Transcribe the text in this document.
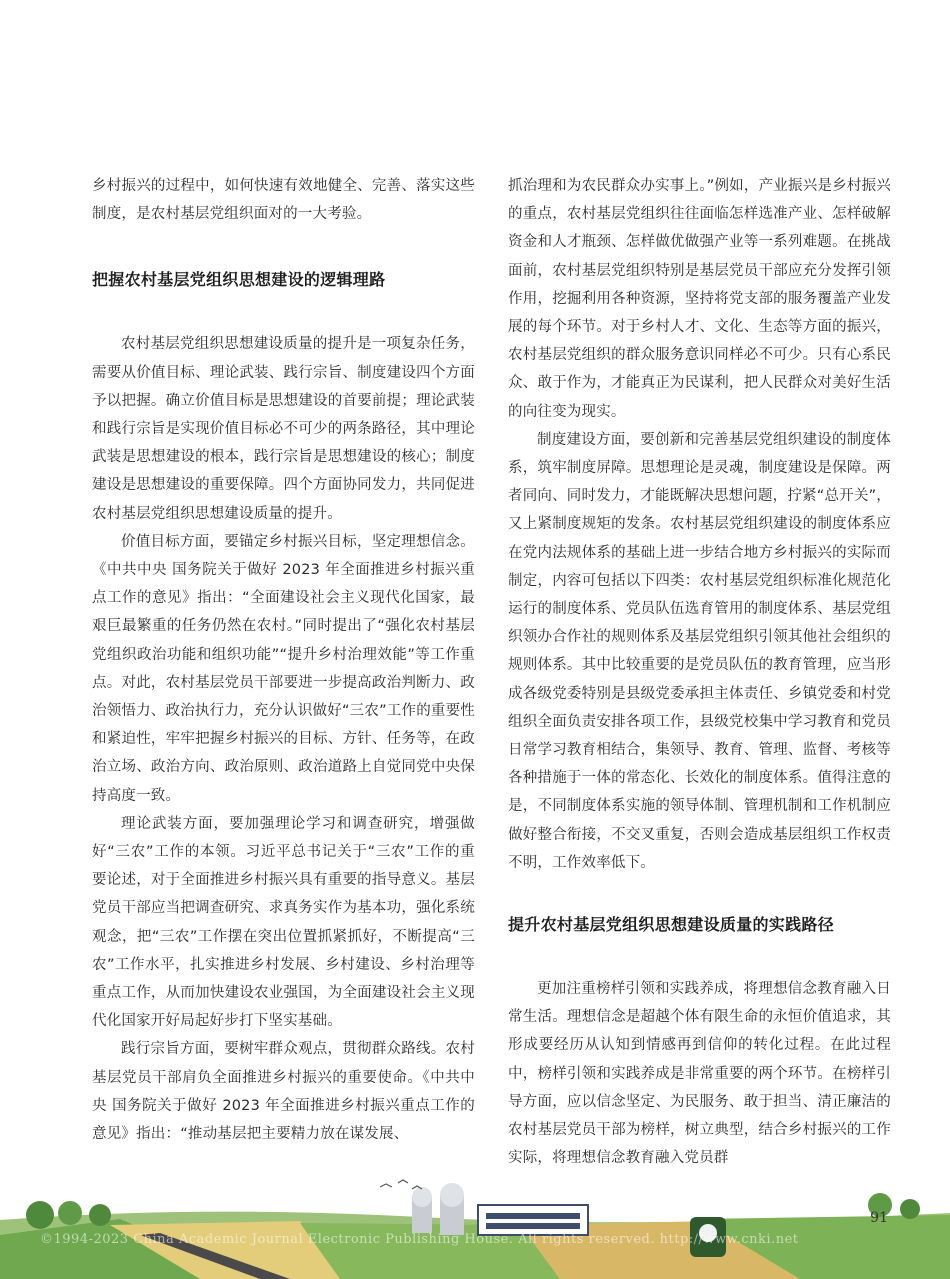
乡村振兴的过程中，如何快速有效地健全、完善、落实这些制度，是农村基层党组织面对的一大考验。

把握农村基层党组织思想建设的逻辑理路

农村基层党组织思想建设质量的提升是一项复杂任务，需要从价值目标、理论武装、践行宗旨、制度建设四个方面予以把握。确立价值目标是思想建设的首要前提；理论武装和践行宗旨是实现价值目标必不可少的两条路径，其中理论武装是思想建设的根本，践行宗旨是思想建设的核心；制度建设是思想建设的重要保障。四个方面协同发力，共同促进农村基层党组织思想建设质量的提升。

价值目标方面，要锚定乡村振兴目标，坚定理想信念。《中共中央 国务院关于做好 2023 年全面推进乡村振兴重点工作的意见》指出：“全面建设社会主义现代化国家，最艰巨最繁重的任务仍然在农村。”同时提出了“强化农村基层党组织政治功能和组织功能”“提升乡村治理效能”等工作重点。对此，农村基层党员干部要进一步提高政治判断力、政治领悟力、政治执行力，充分认识做好“三农”工作的重要性和紧迫性，牢牢把握乡村振兴的目标、方针、任务等，在政治立场、政治方向、政治原则、政治道路上自觉同党中央保持高度一致。

理论武装方面，要加强理论学习和调查研究，增强做好“三农”工作的本领。习近平总书记关于“三农”工作的重要论述，对于全面推进乡村振兴具有重要的指导意义。基层党员干部应当把调查研究、求真务实作为基本功，强化系统观念，把“三农”工作摆在突出位置抓紧抓好，不断提高“三农”工作水平，扎实推进乡村发展、乡村建设、乡村治理等重点工作，从而加快建设农业强国，为全面建设社会主义现代化国家开好局起好步打下坚实基础。

践行宗旨方面，要树牢群众观点，贯彻群众路线。农村基层党员干部肩负全面推进乡村振兴的重要使命。《中共中央 国务院关于做好 2023 年全面推进乡村振兴重点工作的意见》指出：“推动基层把主要精力放在谋发展、

抓治理和为农民群众办实事上。”例如，产业振兴是乡村振兴的重点，农村基层党组织往往面临怎样选准产业、怎样破解资金和人才瓶颈、怎样做优做强产业等一系列难题。在挑战面前，农村基层党组织特别是基层党员干部应充分发挥引领作用，挖掘利用各种资源，坚持将党支部的服务覆盖产业发展的每个环节。对于乡村人才、文化、生态等方面的振兴，农村基层党组织的群众服务意识同样必不可少。只有心系民众、敢于作为，才能真正为民谋利，把人民群众对美好生活的向往变为现实。

制度建设方面，要创新和完善基层党组织建设的制度体系，筑牢制度屏障。思想理论是灵魂，制度建设是保障。两者同向、同时发力，才能既解决思想问题，拧紧“总开关”，又上紧制度规矩的发条。农村基层党组织建设的制度体系应在党内法规体系的基础上进一步结合地方乡村振兴的实际而制定，内容可包括以下四类：农村基层党组织标准化规范化运行的制度体系、党员队伍选育管用的制度体系、基层党组织领办合作社的规则体系及基层党组织引领其他社会组织的规则体系。其中比较重要的是党员队伍的教育管理，应当形成各级党委特别是县级党委承担主体责任、乡镇党委和村党组织全面负责安排各项工作，县级党校集中学习教育和党员日常学习教育相结合，集领导、教育、管理、监督、考核等各种措施于一体的常态化、长效化的制度体系。值得注意的是，不同制度体系实施的领导体制、管理机制和工作机制应做好整合衔接，不交叉重复，否则会造成基层组织工作权责不明，工作效率低下。

提升农村基层党组织思想建设质量的实践路径

更加注重榜样引领和实践养成，将理想信念教育融入日常生活。理想信念是超越个体有限生命的永恒价值追求，其形成要经历从认知到情感再到信仰的转化过程。在此过程中，榜样引领和实践养成是非常重要的两个环节。在榜样引导方面，应以信念坚定、为民服务、敢于担当、清正廉洁的农村基层党员干部为榜样，树立典型，结合乡村振兴的工作实际，将理想信念教育融入党员群

91
©1994-2023 China Academic Journal Electronic Publishing House. All rights reserved. http://www.cnki.net
